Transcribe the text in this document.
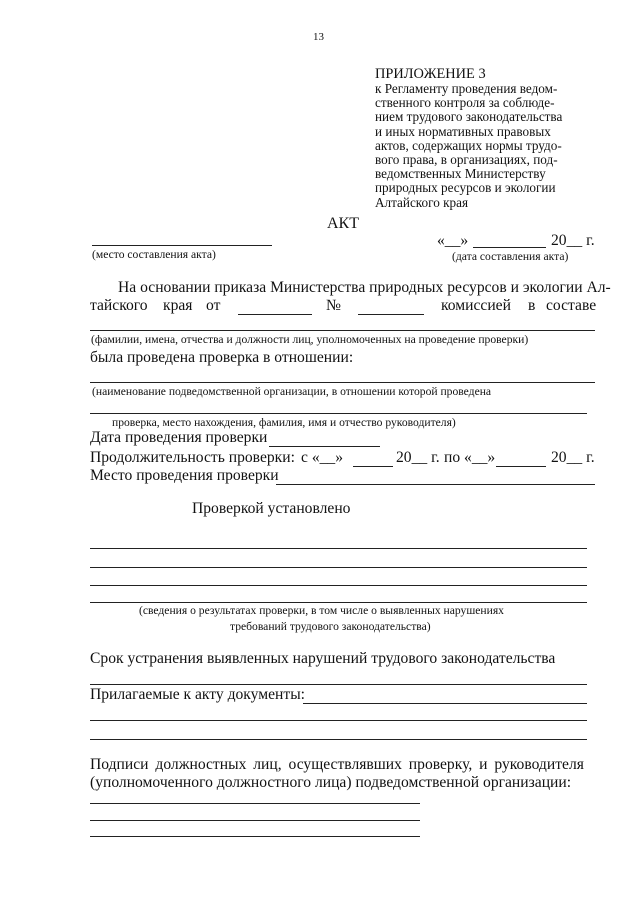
13
ПРИЛОЖЕНИЕ 3
к Регламенту проведения ведом-
ственного контроля за соблюде-
нием трудового законодательства
и иных нормативных правовых
актов, содержащих нормы трудо-
вого права, в организациях, под-
ведомственных Министерству
природных ресурсов и экологии
Алтайского края
АКТ
(место составления акта)
«__»	20__ г.
(дата составления акта)
На основании приказа Министерства природных ресурсов и экологии Ал-
тайского края от	№	комиссией в составе
(фамилии, имена, отчества и должности лиц, уполномоченных на проведение проверки)
была проведена проверка в отношении:
(наименование подведомственной организации, в отношении которой проведена
проверка, место нахождения, фамилия, имя и отчество руководителя)
Дата проведения проверки
Продолжительность проверки: с «__»	20__ г. по «__»	20__ г.
Место проведения проверки
Проверкой установлено
(сведения о результатах проверки, в том числе о выявленных нарушениях
требований трудового законодательства)
Срок устранения выявленных нарушений трудового законодательства
Прилагаемые к акту документы:
Подписи должностных лиц, осуществлявших проверку, и руководителя
(уполномоченного должностного лица) подведомственной организации:
